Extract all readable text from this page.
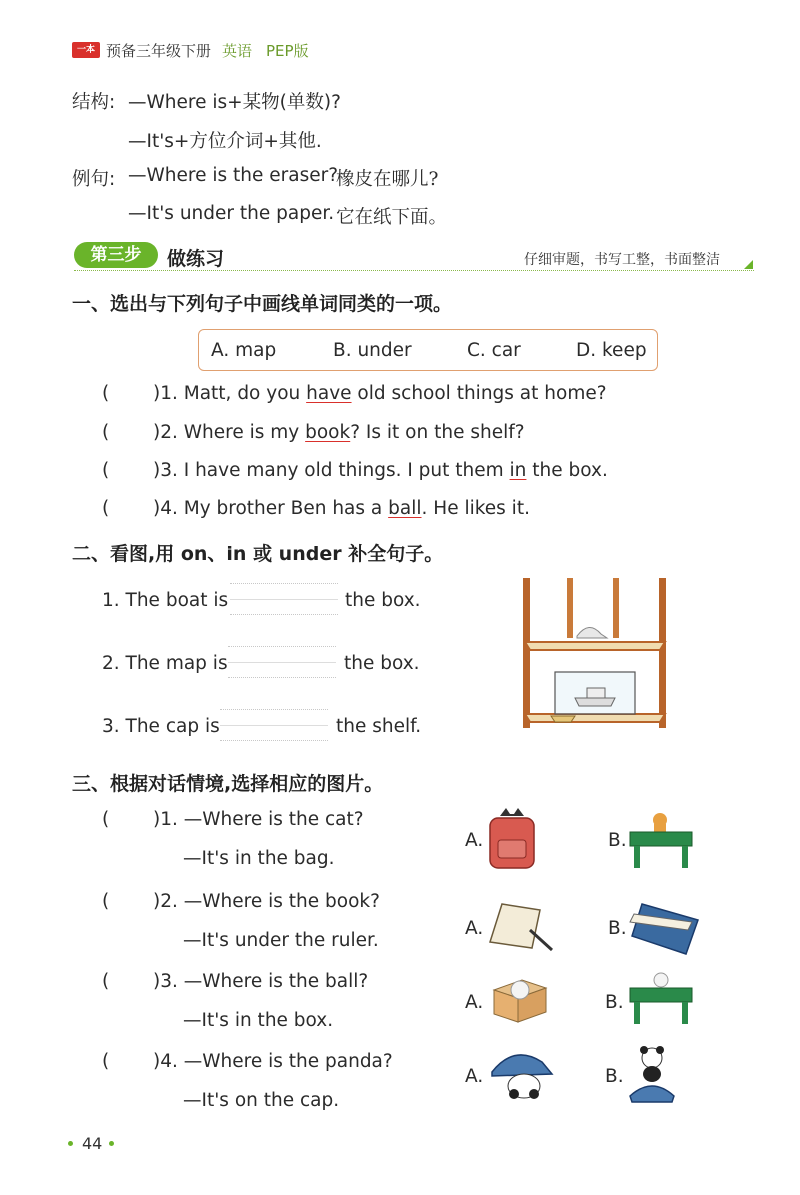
一本 预备三年级下册 英语 PEP版
结构: —Where is+某物(单数)?
—It's+方位介词+其他.
例句: —Where is the eraser?
橡皮在哪儿?
—It's under the paper. 它在纸下面。
第三步	做练习	仔细审题，书写工整，书面整洁
一、选出与下列句子中画线单词同类的一项。
A. map	B. under	C. car	D. keep
( )1. Matt, do you have old school things at home?
( )2. Where is my book? Is it on the shelf?
( )3. I have many old things. I put them in the box.
( )4. My brother Ben has a ball. He likes it.
二、看图,用 on、in 或 under 补全句子。
1. The boat is	the box.
2. The map is	the box.
3. The cap is	the shelf.
三、根据对话情境,选择相应的图片。
( )1. —Where is the cat?
—It's in the bag.
A.	B.
( )2. —Where is the book?
—It's under the ruler.
A.	B.
( )3. —Where is the ball?
—It's in the box.
A.	B.
( )4. —Where is the panda?
—It's on the cap.
A.	B.
44
